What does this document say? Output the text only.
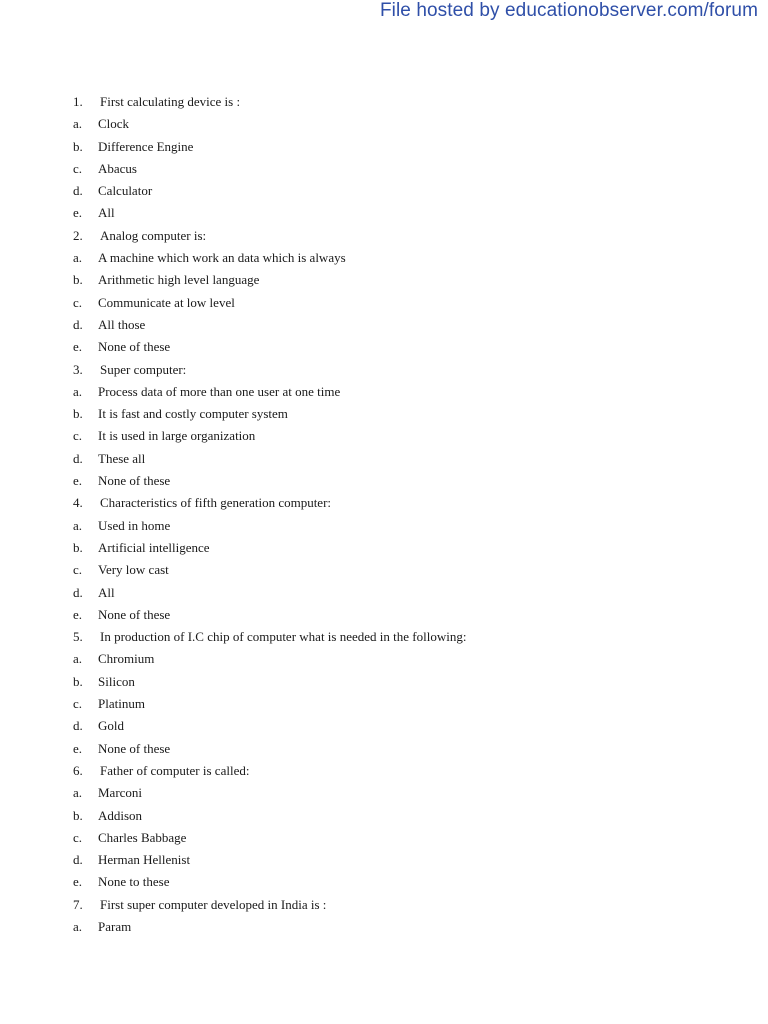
File hosted by educationobserver.com/forum
1.	First calculating device is :
a.	Clock
b.	Difference Engine
c.	Abacus
d.	Calculator
e.	All
2.	Analog computer is:
a.	A machine which work an data which is always
b.	Arithmetic high level language
c.	Communicate at low level
d.	All those
e.	None of these
3.	Super computer:
a.	Process data of more than one user at one time
b.	It is fast and costly computer system
c.	It is used in large organization
d.	These all
e.	None of these
4.	Characteristics of fifth generation computer:
a.	Used in home
b.	Artificial intelligence
c.	Very low cast
d.	All
e.	None of these
5.	In production of I.C chip of computer what is needed in the following:
a.	Chromium
b.	Silicon
c.	Platinum
d.	Gold
e.	None of these
6.	Father of computer is called:
a.	Marconi
b.	Addison
c.	Charles Babbage
d.	Herman Hellenist
e.	None to these
7.	First super computer developed in India is :
a.	Param
